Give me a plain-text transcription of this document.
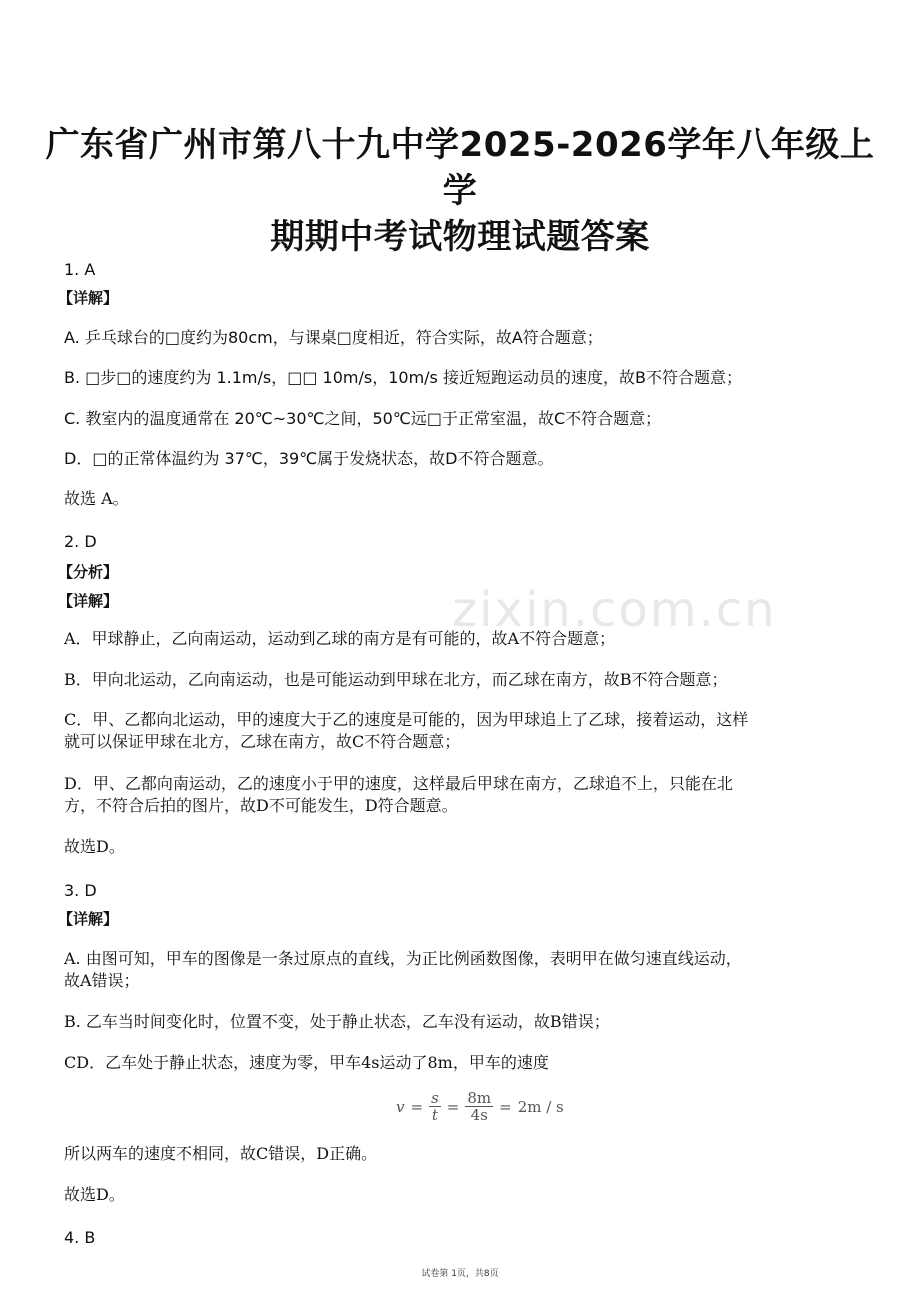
zixin.com.cn
广东省广州市第八十九中学2025-2026学年八年级上学
期期中考试物理试题答案
1. A
【详解】
A. 乒乓球台的□度约为80cm，与课桌□度相近，符合实际，故A符合题意；
B. □步□的速度约为 1.1m/s，□□ 10m/s，10m/s 接近短跑运动员的速度，故B不符合题意；
C. 教室内的温度通常在 20℃~30℃之间，50℃远□于正常室温，故C不符合题意；
D．□的正常体温约为 37℃，39℃属于发烧状态，故D不符合题意。
故选 A。
2. D
【分析】
【详解】
A．甲球静止，乙向南运动，运动到乙球的南方是有可能的，故A不符合题意；
B．甲向北运动，乙向南运动，也是可能运动到甲球在北方，而乙球在南方，故B不符合题意；
C．甲、乙都向北运动，甲的速度大于乙的速度是可能的，因为甲球追上了乙球，接着运动，这样
就可以保证甲球在北方，乙球在南方，故C不符合题意；
D．甲、乙都向南运动，乙的速度小于甲的速度，这样最后甲球在南方，乙球追不上，只能在北
方，不符合后拍的图片，故D不可能发生，D符合题意。
故选D。
3. D
【详解】
A. 由图可知，甲车的图像是一条过原点的直线，为正比例函数图像，表明甲在做匀速直线运动，
故A错误；
B. 乙车当时间变化时，位置不变，处于静止状态，乙车没有运动，故B错误；
CD．乙车处于静止状态，速度为零，甲车4s运动了8m，甲车的速度
$v = \frac{s}{t} = \frac{8m}{4s} = 2m / s$
所以两车的速度不相同，故C错误，D正确。
故选D。
4. B
试卷第 1页，共8页
